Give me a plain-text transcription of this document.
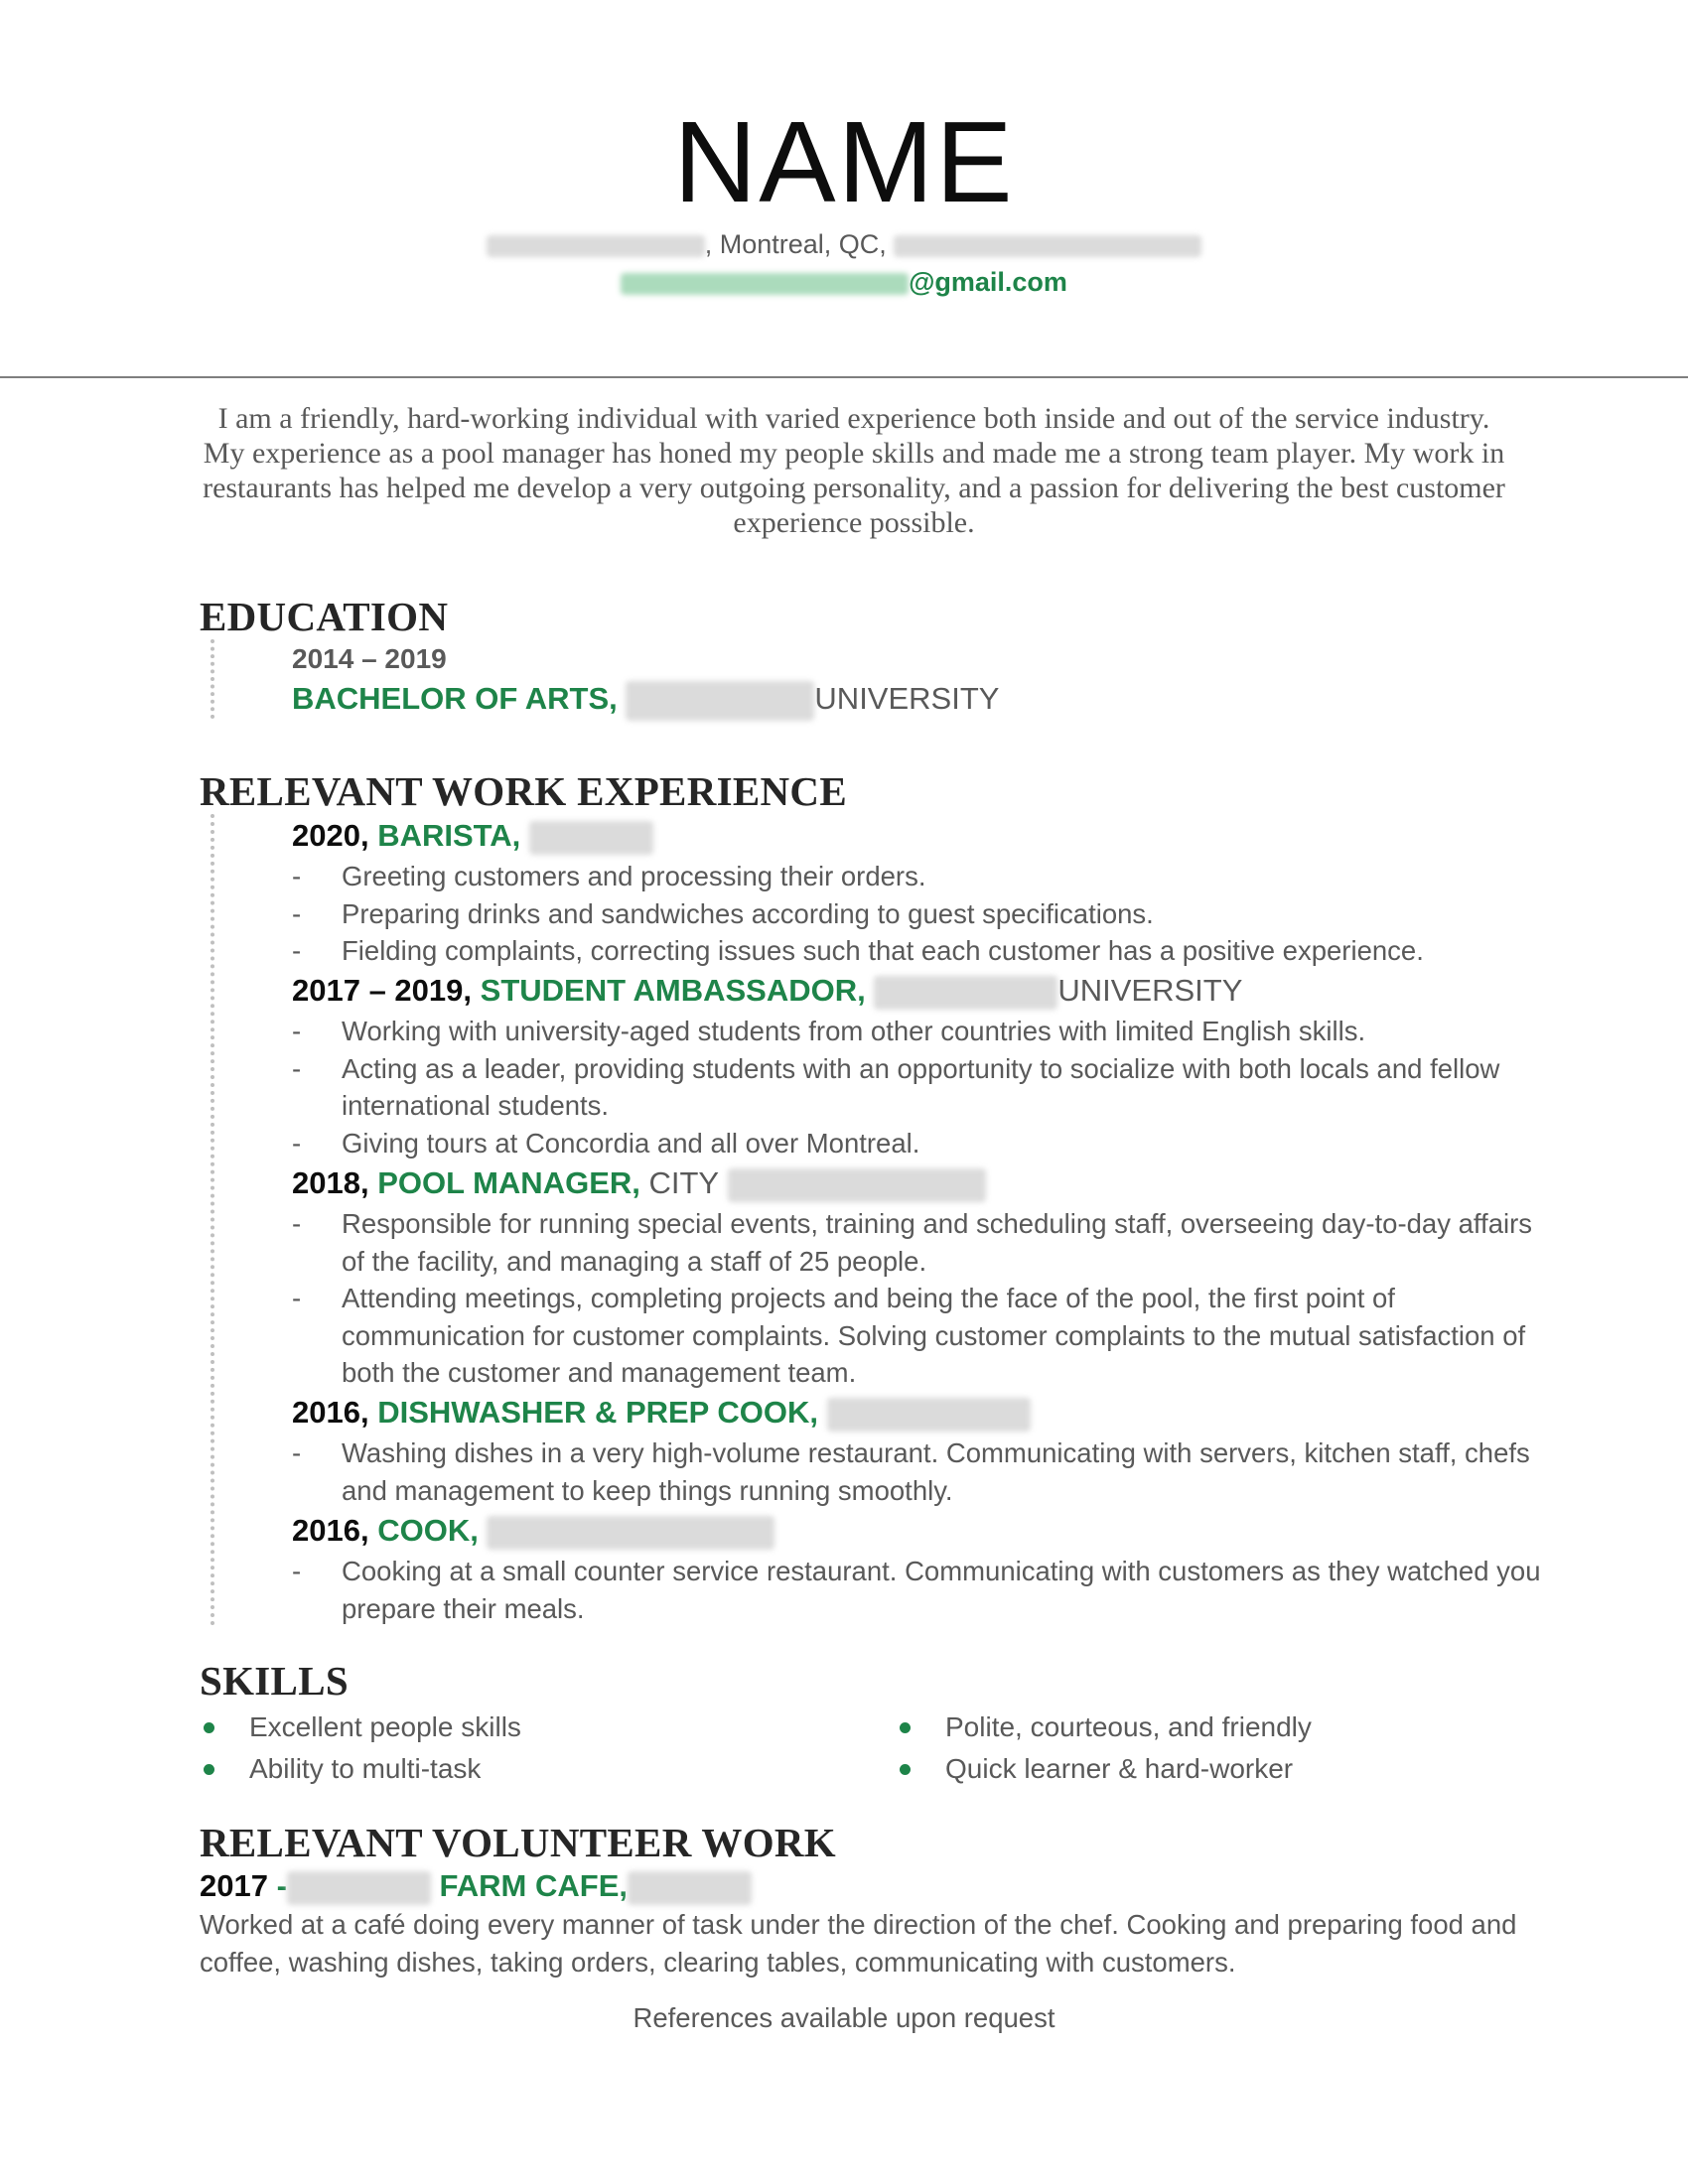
NAME
, Montreal, QC,
@gmail.com
I am a friendly, hard-working individual with varied experience both inside and out of the service industry. My experience as a pool manager has honed my people skills and made me a strong team player. My work in restaurants has helped me develop a very outgoing personality, and a passion for delivering the best customer experience possible.
EDUCATION
2014 – 2019
BACHELOR OF ARTS,	UNIVERSITY
RELEVANT WORK EXPERIENCE
2020, BARISTA,
- Greeting customers and processing their orders.
- Preparing drinks and sandwiches according to guest specifications.
- Fielding complaints, correcting issues such that each customer has a positive experience.
2017 – 2019, STUDENT AMBASSADOR,	UNIVERSITY
- Working with university-aged students from other countries with limited English skills.
- Acting as a leader, providing students with an opportunity to socialize with both locals and fellow international students.
- Giving tours at Concordia and all over Montreal.
2018, POOL MANAGER, CITY
- Responsible for running special events, training and scheduling staff, overseeing day-to-day affairs of the facility, and managing a staff of 25 people.
- Attending meetings, completing projects and being the face of the pool, the first point of communication for customer complaints. Solving customer complaints to the mutual satisfaction of both the customer and management team.
2016, DISHWASHER & PREP COOK,
- Washing dishes in a very high-volume restaurant. Communicating with servers, kitchen staff, chefs and management to keep things running smoothly.
2016, COOK,
- Cooking at a small counter service restaurant. Communicating with customers as they watched you prepare their meals.
SKILLS
Excellent people skills
Ability to multi-task
Polite, courteous, and friendly
Quick learner & hard-worker
RELEVANT VOLUNTEER WORK
2017 -	FARM CAFE,
Worked at a café doing every manner of task under the direction of the chef. Cooking and preparing food and coffee, washing dishes, taking orders, clearing tables, communicating with customers.
References available upon request
